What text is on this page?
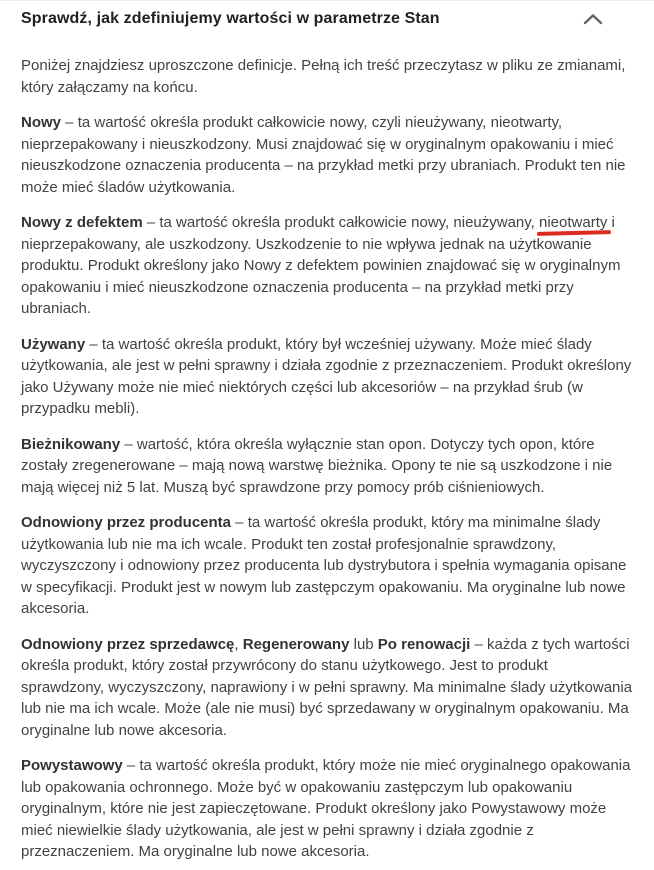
Sprawdź, jak zdefiniujemy wartości w parametrze Stan

Poniżej znajdziesz uproszczone definicje. Pełną ich treść przeczytasz w pliku ze zmianami, który załączamy na końcu.

Nowy – ta wartość określa produkt całkowicie nowy, czyli nieużywany, nieotwarty, nieprzepakowany i nieuszkodzony. Musi znajdować się w oryginalnym opakowaniu i mieć nieuszkodzone oznaczenia producenta – na przykład metki przy ubraniach. Produkt ten nie może mieć śladów użytkowania.

Nowy z defektem – ta wartość określa produkt całkowicie nowy, nieużywany, nieotwarty i nieprzepakowany, ale uszkodzony. Uszkodzenie to nie wpływa jednak na użytkowanie produktu. Produkt określony jako Nowy z defektem powinien znajdować się w oryginalnym opakowaniu i mieć nieuszkodzone oznaczenia producenta – na przykład metki przy ubraniach.

Używany – ta wartość określa produkt, który był wcześniej używany. Może mieć ślady użytkowania, ale jest w pełni sprawny i działa zgodnie z przeznaczeniem. Produkt określony jako Używany może nie mieć niektórych części lub akcesoriów – na przykład śrub (w przypadku mebli).

Bieżnikowany – wartość, która określa wyłącznie stan opon. Dotyczy tych opon, które zostały zregenerowane – mają nową warstwę bieżnika. Opony te nie są uszkodzone i nie mają więcej niż 5 lat. Muszą być sprawdzone przy pomocy prób ciśnieniowych.

Odnowiony przez producenta – ta wartość określa produkt, który ma minimalne ślady użytkowania lub nie ma ich wcale. Produkt ten został profesjonalnie sprawdzony, wyczyszczony i odnowiony przez producenta lub dystrybutora i spełnia wymagania opisane w specyfikacji. Produkt jest w nowym lub zastępczym opakowaniu. Ma oryginalne lub nowe akcesoria.

Odnowiony przez sprzedawcę, Regenerowany lub Po renowacji – każda z tych wartości określa produkt, który został przywrócony do stanu użytkowego. Jest to produkt sprawdzony, wyczyszczony, naprawiony i w pełni sprawny. Ma minimalne ślady użytkowania lub nie ma ich wcale. Może (ale nie musi) być sprzedawany w oryginalnym opakowaniu. Ma oryginalne lub nowe akcesoria.

Powystawowy – ta wartość określa produkt, który może nie mieć oryginalnego opakowania lub opakowania ochronnego. Może być w opakowaniu zastępczym lub opakowaniu oryginalnym, które nie jest zapieczętowane. Produkt określony jako Powystawowy może mieć niewielkie ślady użytkowania, ale jest w pełni sprawny i działa zgodnie z przeznaczeniem. Ma oryginalne lub nowe akcesoria.
